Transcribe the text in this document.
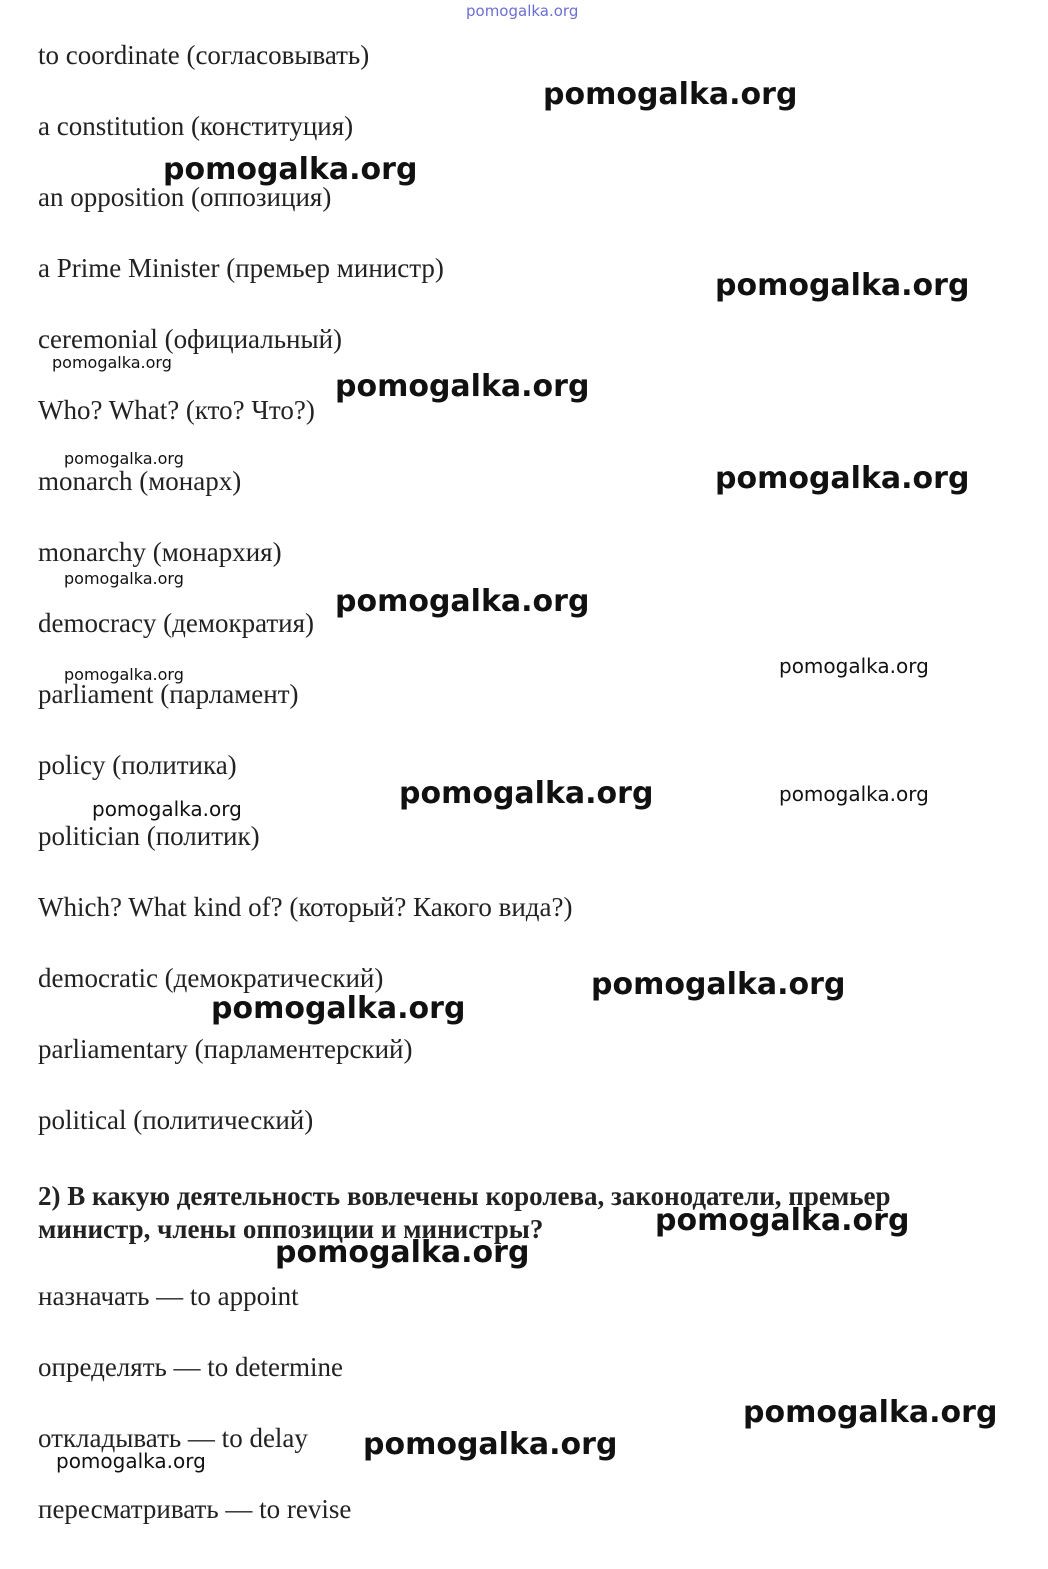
pomogalka.org
to coordinate (согласовывать)
a constitution (конституция)
an opposition (оппозиция)
a Prime Minister (премьер министр)
ceremonial (официальный)
Who? What? (кто? Что?)
monarch (монарх)
monarchy (монархия)
democracy (демократия)
parliament (парламент)
policy (политика)
politician (политик)
Which? What kind of? (который? Какого вида?)
democratic (демократический)
parliamentary (парламентерский)
political (политический)
2) В какую деятельность вовлечены королева, законодатели, премьер министр, члены оппозиции и министры?
назначать — to appoint
определять — to determine
откладывать — to delay
пересматривать — to revise
pomogalka.org
pomogalka.org
pomogalka.org
pomogalka.org
pomogalka.org
pomogalka.org
pomogalka.org
pomogalka.org
pomogalka.org
pomogalka.org
pomogalka.org
pomogalka.org	pomogalka.org
pomogalka.org
pomogalka.org
pomogalka.org
pomogalka.org
pomogalka.org
pomogalka.org
pomogalka.org
pomogalka.org
